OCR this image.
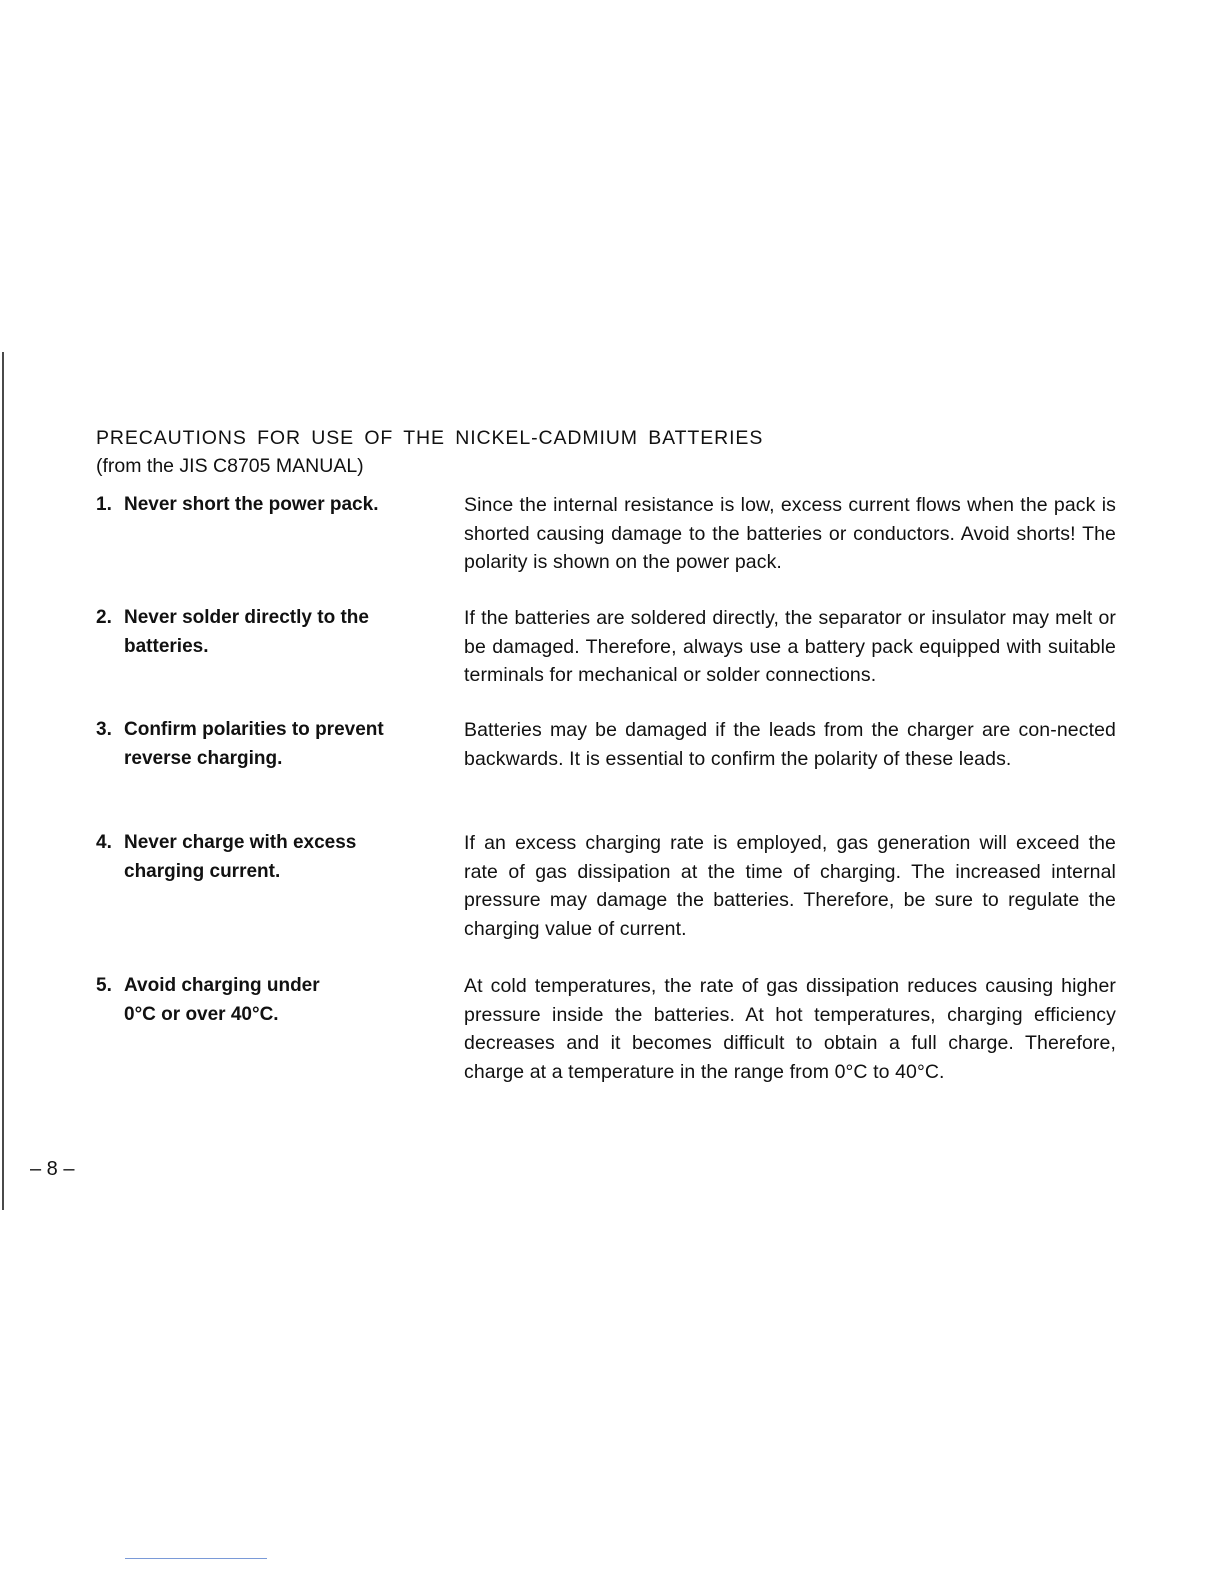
PRECAUTIONS FOR USE OF THE NICKEL-CADMIUM BATTERIES
(from the JIS C8705 MANUAL)
1. Never short the power pack.	Since the internal resistance is low, excess current flows when the pack is shorted causing damage to the batteries or conductors. Avoid shorts! The polarity is shown on the power pack.

2. Never solder directly to the batteries.

If the batteries are soldered directly, the separator or insulator may melt or be damaged. Therefore, always use a battery pack equipped with suitable terminals for mechanical or solder connections.

3. Confirm polarities to prevent reverse charging.

Batteries may be damaged if the leads from the charger are con-nected backwards. It is essential to confirm the polarity of these leads.

4. Never charge with excess charging current.

If an excess charging rate is employed, gas generation will exceed the rate of gas dissipation at the time of charging. The increased internal pressure may damage the batteries. Therefore, be sure to regulate the charging value of current.

5. Avoid charging under 0°C or over 40°C.

At cold temperatures, the rate of gas dissipation reduces causing higher pressure inside the batteries. At hot temperatures, charging efficiency decreases and it becomes difficult to obtain a full charge. Therefore, charge at a temperature in the range from 0°C to 40°C.

– 8 –
